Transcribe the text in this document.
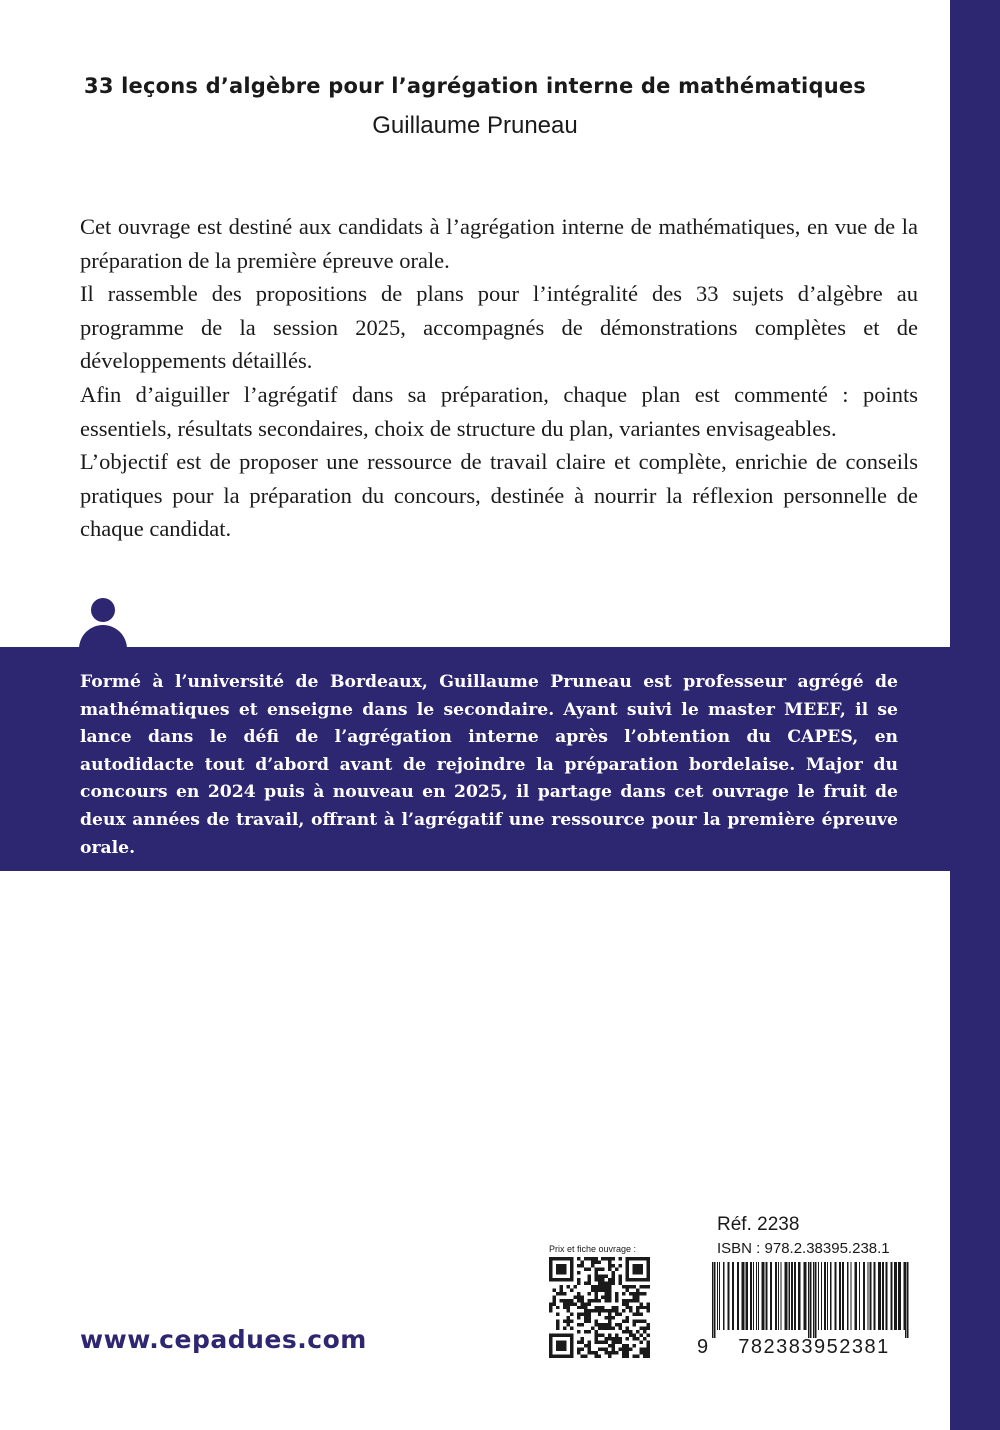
33 leçons d’algèbre pour l’agrégation interne de mathématiques
Guillaume Pruneau

Cet ouvrage est destiné aux candidats à l’agrégation interne de mathématiques, en vue de la préparation de la première épreuve orale.

Il rassemble des propositions de plans pour l’intégralité des 33 sujets d’algèbre au programme de la session 2025, accompagnés de démonstrations complètes et de développements détaillés.

Afin d’aiguiller l’agrégatif dans sa préparation, chaque plan est commenté : points essentiels, résultats secondaires, choix de structure du plan, variantes envisageables.

L’objectif est de proposer une ressource de travail claire et complète, enrichie de conseils pratiques pour la préparation du concours, destinée à nourrir la réflexion personnelle de chaque candidat.

Formé à l’université de Bordeaux, Guillaume Pruneau est professeur agrégé de mathématiques et enseigne dans le secondaire. Ayant suivi le master MEEF, il se lance dans le défi de l’agrégation interne après l’obtention du CAPES, en autodidacte tout d’abord avant de rejoindre la préparation bordelaise. Major du concours en 2024 puis à nouveau en 2025, il partage dans cet ouvrage le fruit de deux années de travail, offrant à l’agrégatif une ressource pour la première épreuve orale.
www.cepadues.com
Prix et fiche ouvrage :
Réf. 2238
ISBN : 978.2.38395.238.1
9	782383952381
